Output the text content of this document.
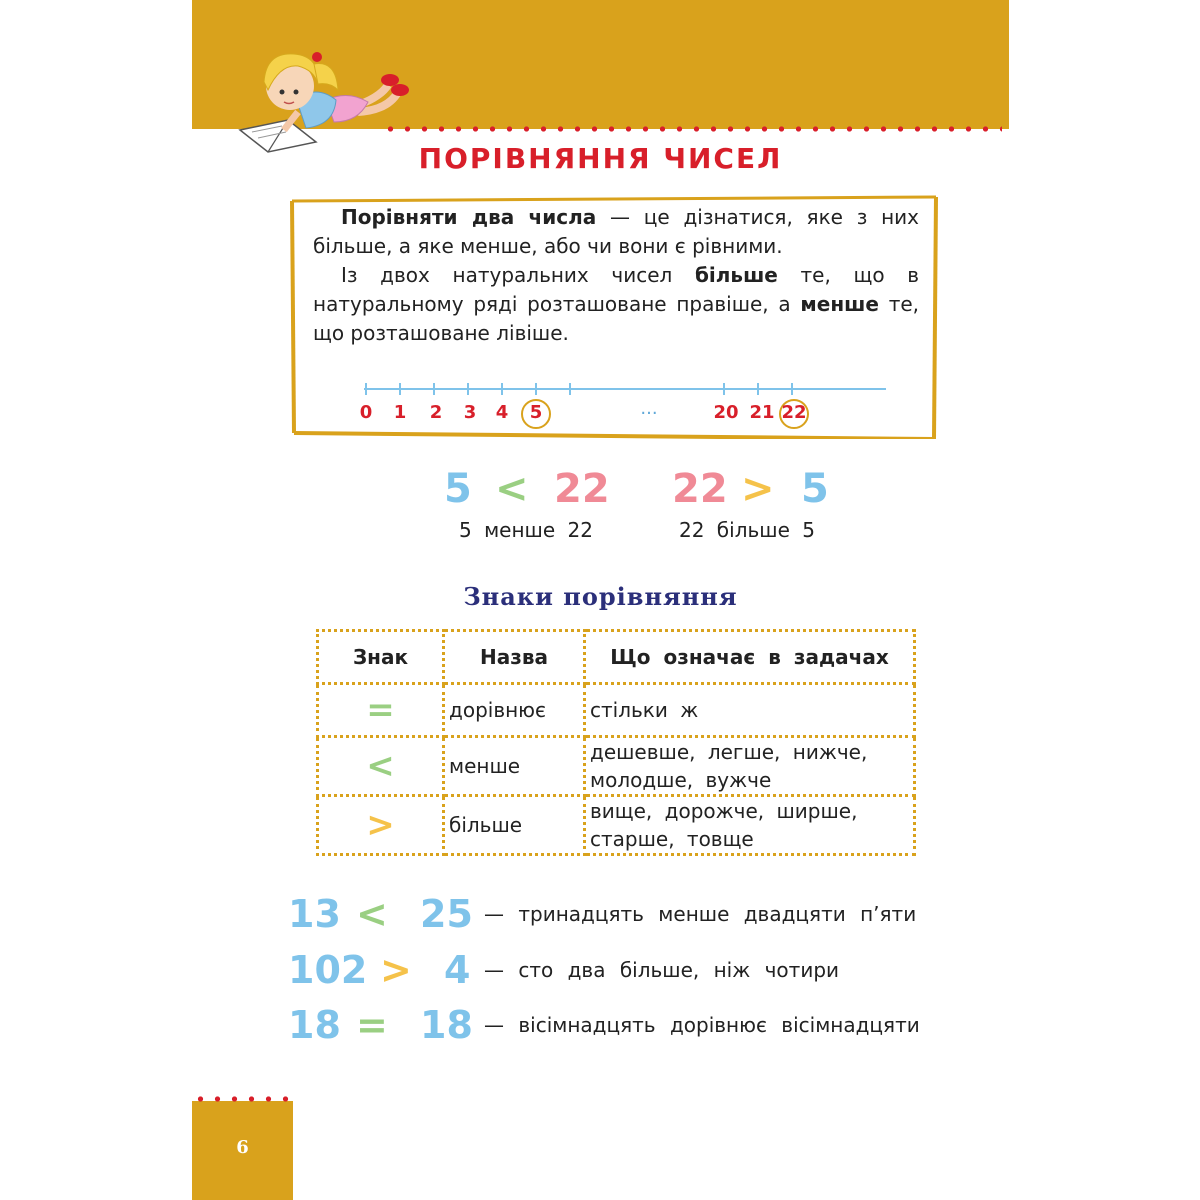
ПОРІВНЯННЯ ЧИСЕЛ

Порівняти два числа — це дізнатися, яке з них більше, а яке менше, або чи вони є рівними.

Із двох натуральних чисел більше те, що в натуральному ряді розташоване правіше, а менше те, що розташоване лівіше.

0 1 2 3 4 5	...	20 21 22
5 < 22
5 менше 22
22 > 5
22 більше 5
Знаки порівняння
Знак	Назва	Що означає в задачах
=	дорівнює	стільки ж
<	менше	дешевше, легше, нижче, молодше, вужче
>	більше	вище, дорожче, ширше, старше, товще
13 < 25 — тринадцять менше двадцяти п’яти
102 > 4 — сто два більше, ніж чотири
18 = 18 — вісімнадцять дорівнює вісімнадцяти
6
